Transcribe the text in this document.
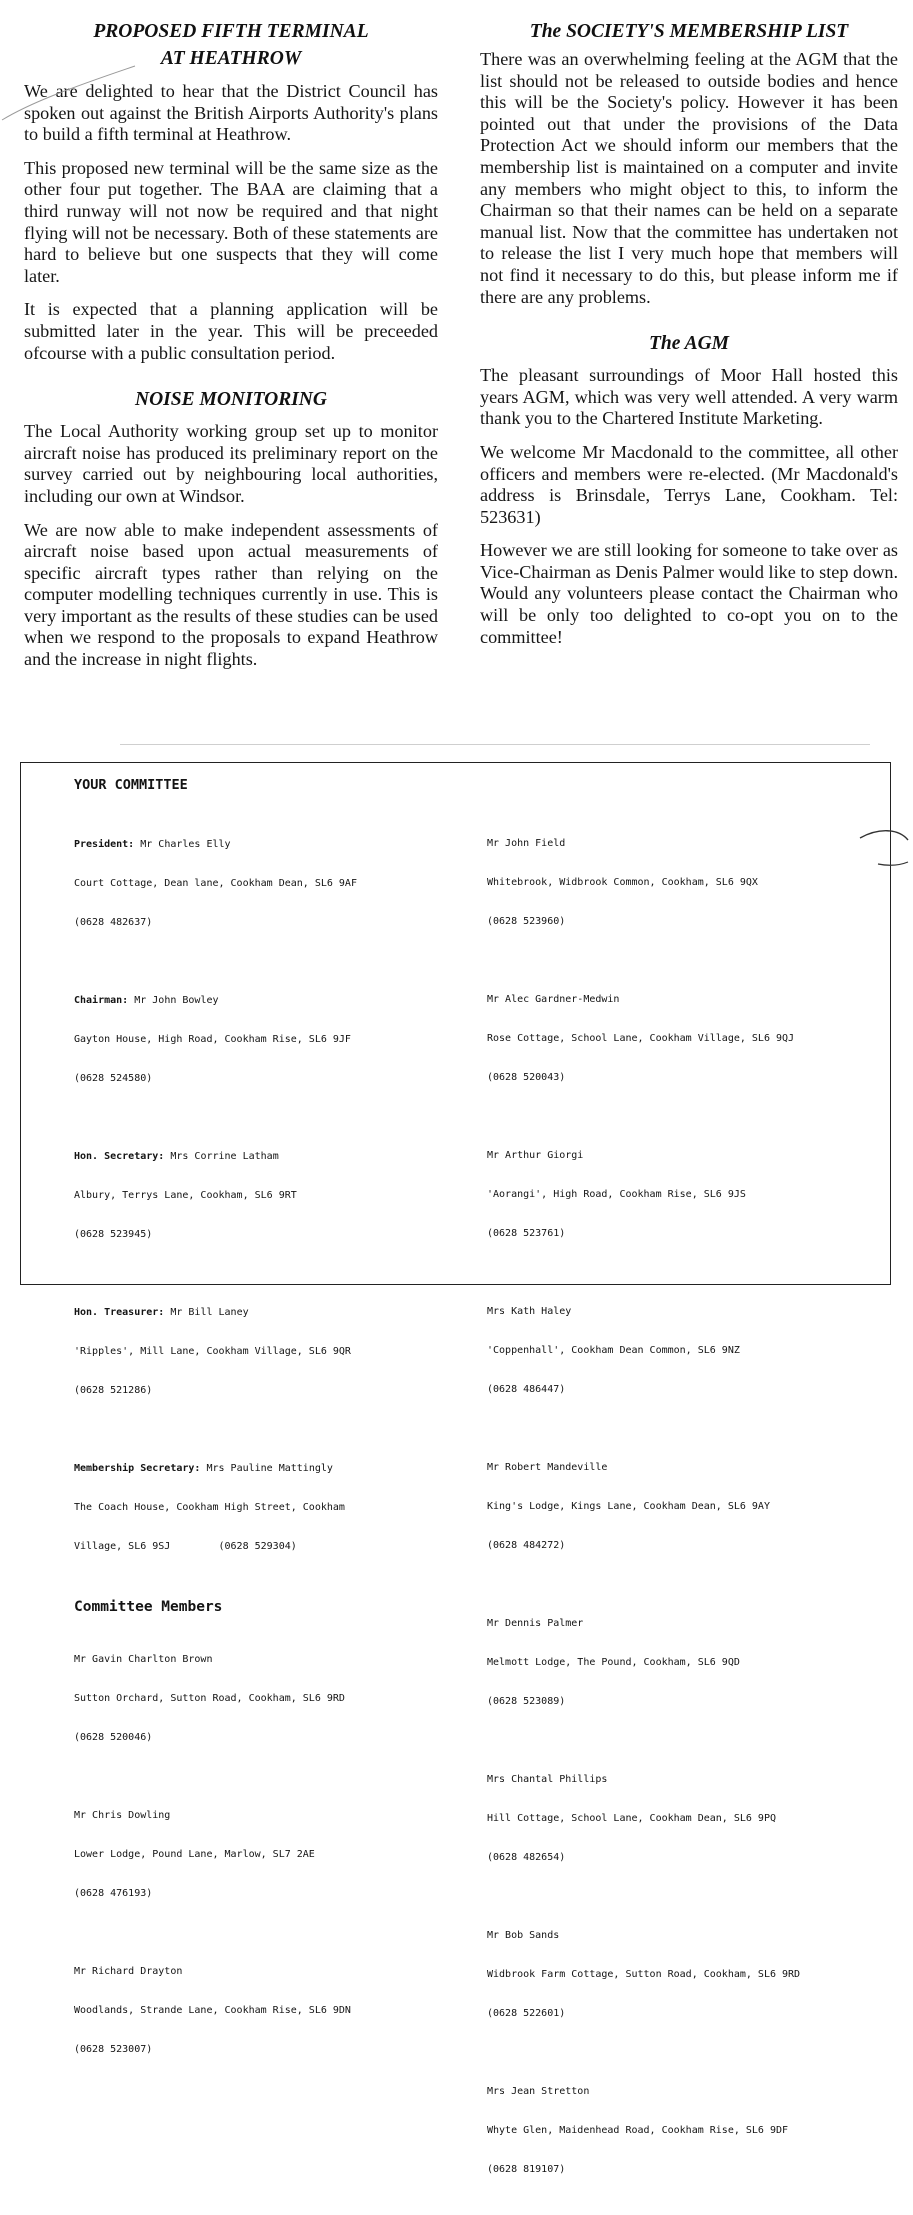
PROPOSED FIFTH TERMINAL
AT HEATHROW

We are delighted to hear that the District Council has spoken out against the British Airports Authority's plans to build a fifth terminal at Heathrow.

This proposed new terminal will be the same size as the other four put together. The BAA are claiming that a third runway will not now be required and that night flying will not be necessary. Both of these statements are hard to believe but one suspects that they will come later.

It is expected that a planning application will be submitted later in the year. This will be preceeded ofcourse with a public consultation period.

NOISE MONITORING

The Local Authority working group set up to monitor aircraft noise has produced its preliminary report on the survey carried out by neighbouring local authorities, including our own at Windsor.

We are now able to make independent assessments of aircraft noise based upon actual measurements of specific aircraft types rather than relying on the computer modelling techniques currently in use. This is very important as the results of these studies can be used when we respond to the proposals to expand Heathrow and the increase in night flights.

The SOCIETY'S MEMBERSHIP LIST

There was an overwhelming feeling at the AGM that the list should not be released to outside bodies and hence this will be the Society's policy. However it has been pointed out that under the provisions of the Data Protection Act we should inform our members that the membership list is maintained on a computer and invite any members who might object to this, to inform the Chairman so that their names can be held on a separate manual list. Now that the committee has undertaken not to release the list I very much hope that members will not find it necessary to do this, but please inform me if there are any problems.

The AGM

The pleasant surroundings of Moor Hall hosted this years AGM, which was very well attended. A very warm thank you to the Chartered Institute Marketing.

We welcome Mr Macdonald to the committee, all other officers and members were re-elected. (Mr Macdonald's address is Brinsdale, Terrys Lane, Cookham. Tel: 523631)

However we are still looking for someone to take over as Vice-Chairman as Denis Palmer would like to step down. Would any volunteers please contact the Chairman who will be only too delighted to co-opt you on to the committee!

YOUR COMMITTEE

President: Mr Charles Elly

Court Cottage, Dean lane, Cookham Dean, SL6 9AF

(0628 482637)

Chairman: Mr John Bowley

Gayton House, High Road, Cookham Rise, SL6 9JF

(0628 524580)

Hon. Secretary: Mrs Corrine Latham

Albury, Terrys Lane, Cookham, SL6 9RT

(0628 523945)

Hon. Treasurer: Mr Bill Laney

'Ripples', Mill Lane, Cookham Village, SL6 9QR

(0628 521286)

Membership Secretary: Mrs Pauline Mattingly

The Coach House, Cookham High Street, Cookham

Village, SL6 9SJ	(0628 529304)

Committee Members

Mr Gavin Charlton Brown

Sutton Orchard, Sutton Road, Cookham, SL6 9RD

(0628 520046)

Mr Chris Dowling

Lower Lodge, Pound Lane, Marlow, SL7 2AE

(0628 476193)

Mr Richard Drayton

Woodlands, Strande Lane, Cookham Rise, SL6 9DN

(0628 523007)

Mr John Field

Whitebrook, Widbrook Common, Cookham, SL6 9QX

(0628 523960)

Mr Alec Gardner-Medwin

Rose Cottage, School Lane, Cookham Village, SL6 9QJ

(0628 520043)

Mr Arthur Giorgi

'Aorangi', High Road, Cookham Rise, SL6 9JS

(0628 523761)

Mrs Kath Haley

'Coppenhall', Cookham Dean Common, SL6 9NZ

(0628 486447)

Mr Robert Mandeville

King's Lodge, Kings Lane, Cookham Dean, SL6 9AY

(0628 484272)

Mr Dennis Palmer

Melmott Lodge, The Pound, Cookham, SL6 9QD

(0628 523089)

Mrs Chantal Phillips

Hill Cottage, School Lane, Cookham Dean, SL6 9PQ

(0628 482654)

Mr Bob Sands

Widbrook Farm Cottage, Sutton Road, Cookham, SL6 9RD

(0628 522601)

Mrs Jean Stretton

Whyte Glen, Maidenhead Road, Cookham Rise, SL6 9DF

(0628 819107)
